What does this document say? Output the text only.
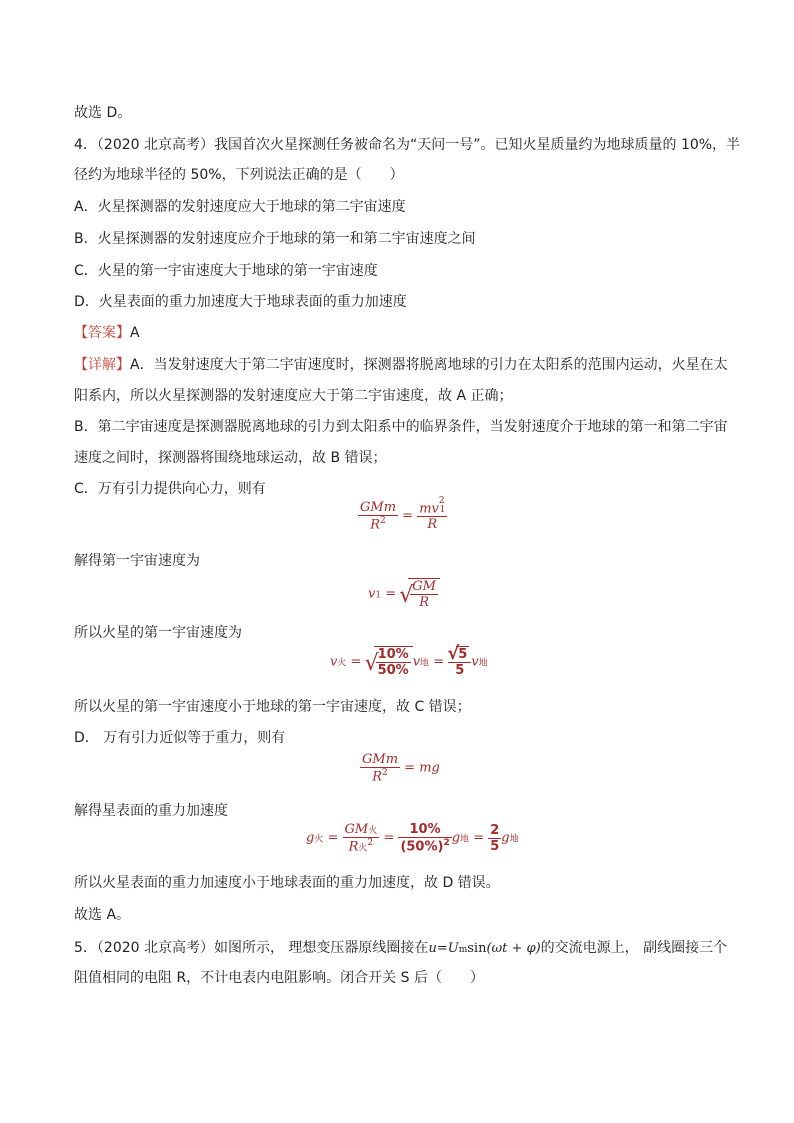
故选 D。
4．（2020 北京高考）我国首次火星探测任务被命名为“天问一号”。已知火星质量约为地球质量的 10%，半
径约为地球半径的 50%，下列说法正确的是（　　）
A．火星探测器的发射速度应大于地球的第二宇宙速度
B．火星探测器的发射速度应介于地球的第一和第二宇宙速度之间
C．火星的第一宇宙速度大于地球的第一宇宙速度
D．火星表面的重力加速度大于地球表面的重力加速度
【答案】A
【详解】A．当发射速度大于第二宇宙速度时，探测器将脱离地球的引力在太阳系的范围内运动，火星在太
阳系内，所以火星探测器的发射速度应大于第二宇宙速度，故 A 正确；
B．第二宇宙速度是探测器脱离地球的引力到太阳系中的临界条件，当发射速度介于地球的第一和第二宇宙
速度之间时，探测器将围绕地球运动，故 B 错误；
C．万有引力提供向心力，则有
$\frac{\text{GMm}}{R^2} = \frac{mv^21}{R}$
解得第一宇宙速度为
v1 = √ $\frac{GM}{R}$
所以火星的第一宇宙速度为
v火 = √ $\frac{10\%}{50\%}$ v地 = √ $\frac{5}{5}$ v地
所以火星的第一宇宙速度小于地球的第一宇宙速度，故 C 错误；
D． 万有引力近似等于重力，则有
$\frac{\text{GMm}}{R^2}$ = mg
解得星表面的重力加速度
g火 = $\frac{\text{GM火}}{R火^2} = \frac{10\%}{(50\%)^2}$ g地 = $\frac{2}{5}$ g地
所以火星表面的重力加速度小于地球表面的重力加速度，故 D 错误。
故选 A。
5．（2020 北京高考）如图所示， 理想变压器原线圈接在u=Umsin(ωt + φ)的交流电源上， 副线圈接三个
阻值相同的电阻 R，不计电表内电阻影响。闭合开关 S 后（　　）
